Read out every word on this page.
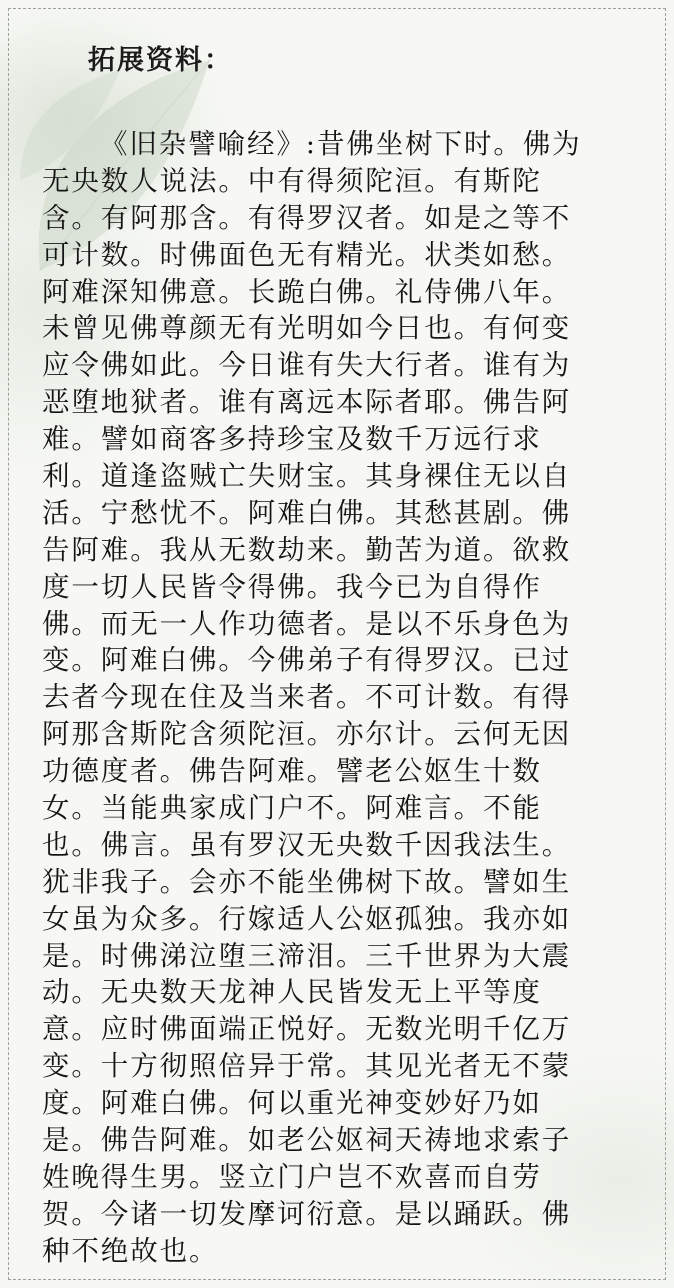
拓展资料：
《旧杂譬喻经》:昔佛坐树下时。佛为
无央数人说法。中有得须陀洹。有斯陀
含。有阿那含。有得罗汉者。如是之等不
可计数。时佛面色无有精光。状类如愁。
阿难深知佛意。长跪白佛。礼侍佛八年。
未曾见佛尊颜无有光明如今日也。有何变
应令佛如此。今日谁有失大行者。谁有为
恶堕地狱者。谁有离远本际者耶。佛告阿
难。譬如商客多持珍宝及数千万远行求
利。道逢盗贼亡失财宝。其身裸住无以自
活。宁愁忧不。阿难白佛。其愁甚剧。佛
告阿难。我从无数劫来。勤苦为道。欲救
度一切人民皆令得佛。我今已为自得作
佛。而无一人作功德者。是以不乐身色为
变。阿难白佛。今佛弟子有得罗汉。已过
去者今现在住及当来者。不可计数。有得
阿那含斯陀含须陀洹。亦尔计。云何无因
功德度者。佛告阿难。譬老公妪生十数
女。当能典家成门户不。阿难言。不能
也。佛言。虽有罗汉无央数千因我法生。
犹非我子。会亦不能坐佛树下故。譬如生
女虽为众多。行嫁适人公妪孤独。我亦如
是。时佛涕泣堕三渧泪。三千世界为大震
动。无央数天龙神人民皆发无上平等度
意。应时佛面端正悦好。无数光明千亿万
变。十方彻照倍异于常。其见光者无不蒙
度。阿难白佛。何以重光神变妙好乃如
是。佛告阿难。如老公妪祠天祷地求索子
姓晚得生男。竖立门户岂不欢喜而自劳
贺。今诸一切发摩诃衍意。是以踊跃。佛
种不绝故也。
